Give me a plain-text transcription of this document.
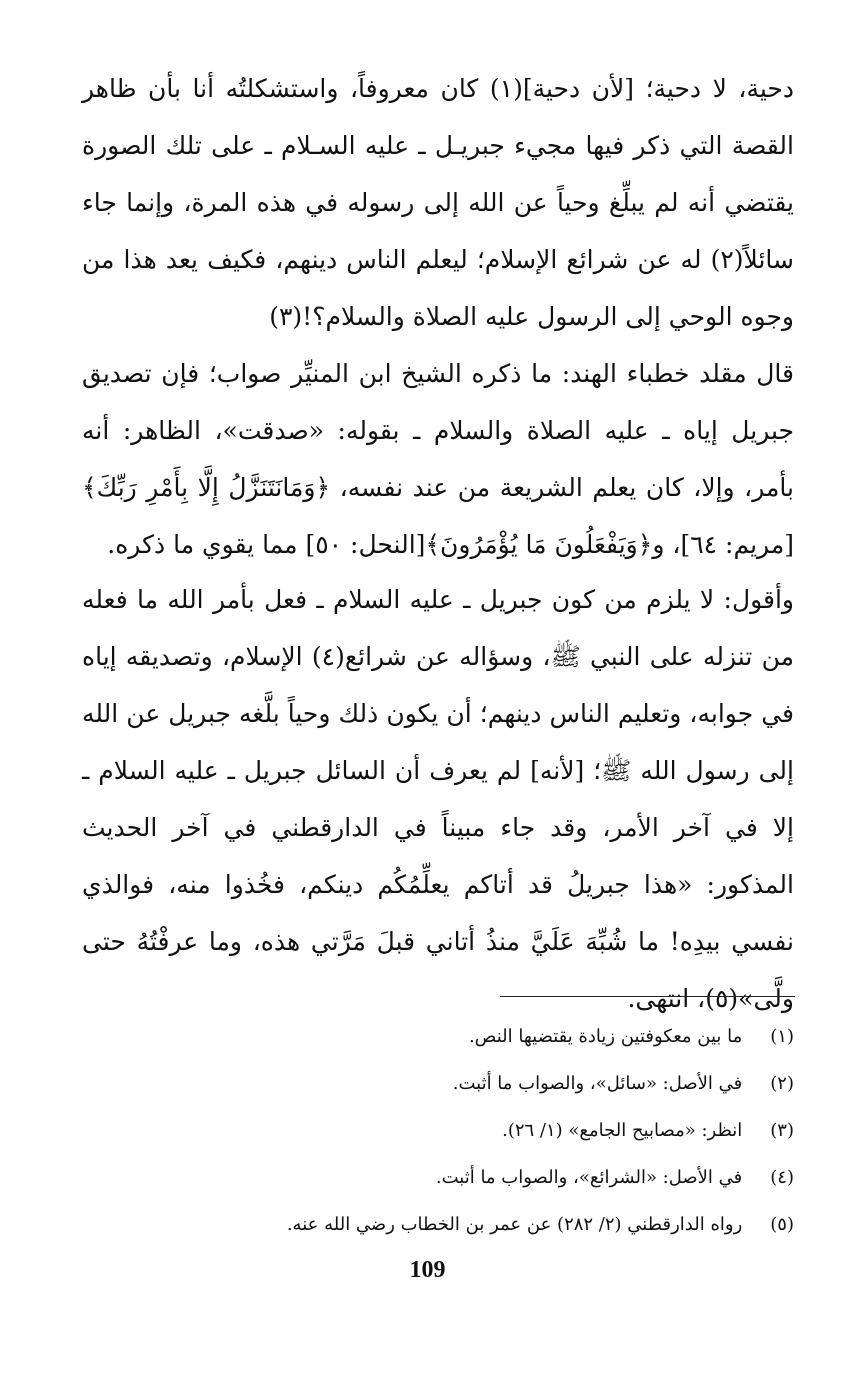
دحية، لا دحية؛ [لأن دحية](١) كان معروفاً، واستشكلتُه أنا بأن ظاهر القصة التي ذكر فيها مجيء جبريـل ـ عليه السـلام ـ على تلك الصورة يقتضي أنه لم يبلِّغ وحياً عن الله إلى رسوله في هذه المرة، وإنما جاء سائلاً(٢) له عن شرائع الإسلام؛ ليعلم الناس دينهم، فكيف يعد هذا من وجوه الوحي إلى الرسول عليه الصلاة والسلام؟!(٣)

قال مقلد خطباء الهند: ما ذكره الشيخ ابن المنيِّر صواب؛ فإن تصديق جبريل إياه ـ عليه الصلاة والسلام ـ بقوله: «صدقت»، الظاهر: أنه بأمر، وإلا، كان يعلم الشريعة من عند نفسه، ﴿وَمَانَتَنَزَّلُ إِلَّا بِأَمْرِ رَبِّكَ﴾[مريم: ٦٤]، و﴿وَيَفْعَلُونَ مَا يُؤْمَرُونَ﴾[النحل: ٥٠] مما يقوي ما ذكره.

وأقول: لا يلزم من كون جبريل ـ عليه السلام ـ فعل بأمر الله ما فعله من تنزله على النبي ﷺ، وسؤاله عن شرائع(٤) الإسلام، وتصديقه إياه في جوابه، وتعليم الناس دينهم؛ أن يكون ذلك وحياً بلَّغه جبريل عن الله إلى رسول الله ﷺ؛ [لأنه] لم يعرف أن السائل جبريل ـ عليه السلام ـ إلا في آخر الأمر، وقد جاء مبيناً في الدارقطني في آخر الحديث المذكور: «هذا جبريلُ قد أتاكم يعلِّمُكُم دينكم، فخُذوا منه، فوالذي نفسي بيدِه! ما شُبِّهَ عَلَيَّ منذُ أتاني قبلَ مَرَّتي هذه، وما عرفْتُهُ حتى ولَّى»(٥)، انتهى.

(١) ما بين معكوفتين زيادة يقتضيها النص.
(٢) في الأصل: «سائل»، والصواب ما أثبت.
(٣) انظر: «مصابيح الجامع» (١/ ٢٦).
(٤) في الأصل: «الشرائع»، والصواب ما أثبت.
(٥) رواه الدارقطني (٢/ ٢٨٢) عن عمر بن الخطاب رضي الله عنه.
109
